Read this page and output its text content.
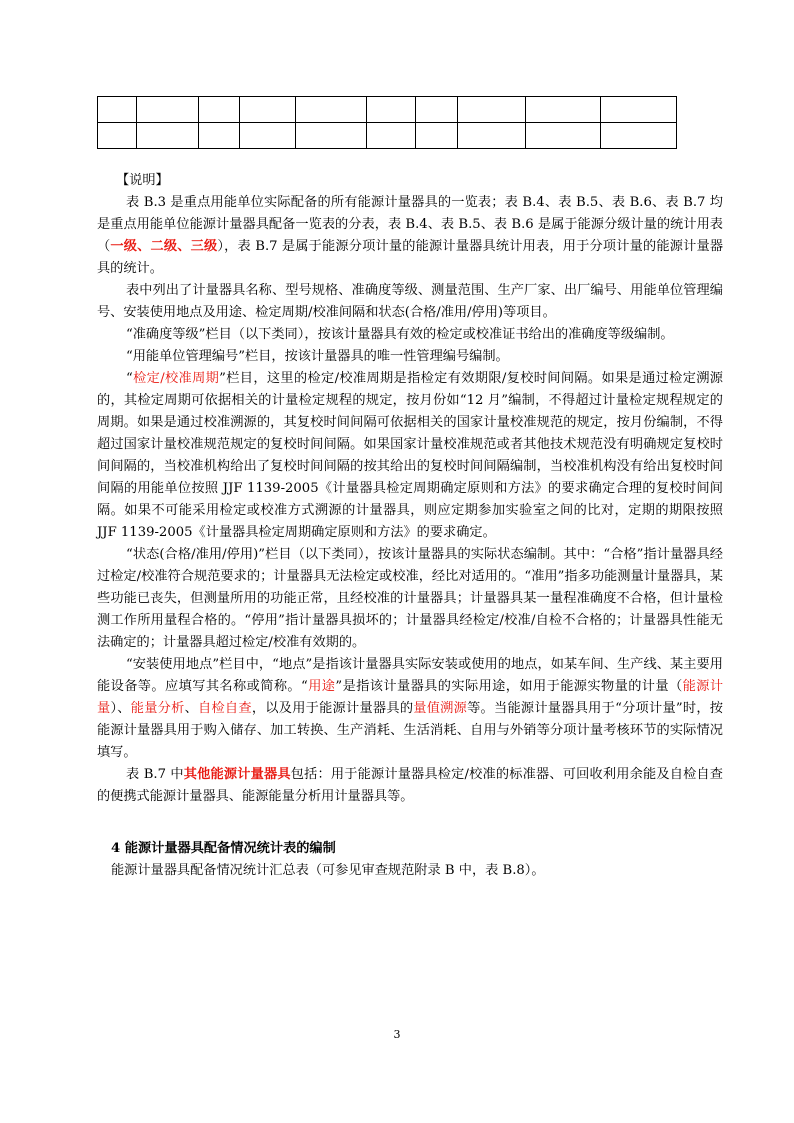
【说明】

表 B.3 是重点用能单位实际配备的所有能源计量器具的一览表；表 B.4、表 B.5、表 B.6、表 B.7 均是重点用能单位能源计量器具配备一览表的分表，表 B.4、表 B.5、表 B.6 是属于能源分级计量的统计用表（一级、二级、三级），表 B.7 是属于能源分项计量的能源计量器具统计用表，用于分项计量的能源计量器具的统计。

表中列出了计量器具名称、型号规格、准确度等级、测量范围、生产厂家、出厂编号、用能单位管理编号、安装使用地点及用途、检定周期/校准间隔和状态(合格/准用/停用)等项目。

“准确度等级”栏目（以下类同），按该计量器具有效的检定或校准证书给出的准确度等级编制。

“用能单位管理编号”栏目，按该计量器具的唯一性管理编号编制。

“检定/校准周期”栏目，这里的检定/校准周期是指检定有效期限/复校时间间隔。如果是通过检定溯源的，其检定周期可依据相关的计量检定规程的规定，按月份如“12 月”编制，不得超过计量检定规程规定的周期。如果是通过校准溯源的，其复校时间间隔可依据相关的国家计量校准规范的规定，按月份编制，不得超过国家计量校准规范规定的复校时间间隔。如果国家计量校准规范或者其他技术规范没有明确规定复校时间间隔的，当校准机构给出了复校时间间隔的按其给出的复校时间间隔编制，当校准机构没有给出复校时间间隔的用能单位按照 JJF 1139-2005《计量器具检定周期确定原则和方法》的要求确定合理的复校时间间隔。如果不可能采用检定或校准方式溯源的计量器具，则应定期参加实验室之间的比对，定期的期限按照 JJF 1139-2005《计量器具检定周期确定原则和方法》的要求确定。

“状态(合格/准用/停用)”栏目（以下类同），按该计量器具的实际状态编制。其中：“合格”指计量器具经过检定/校准符合规范要求的；计量器具无法检定或校准，经比对适用的。“准用”指多功能测量计量器具，某些功能已丧失，但测量所用的功能正常，且经校准的计量器具；计量器具某一量程准确度不合格，但计量检测工作所用量程合格的。“停用”指计量器具损坏的；计量器具经检定/校准/自检不合格的；计量器具性能无法确定的；计量器具超过检定/校准有效期的。

“安装使用地点”栏目中，“地点”是指该计量器具实际安装或使用的地点，如某车间、生产线、某主要用能设备等。应填写其名称或简称。“用途”是指该计量器具的实际用途，如用于能源实物量的计量（能源计量）、能量分析、自检自查，以及用于能源计量器具的量值溯源等。当能源计量器具用于“分项计量”时，按能源计量器具用于购入储存、加工转换、生产消耗、生活消耗、自用与外销等分项计量考核环节的实际情况填写。

表 B.7 中其他能源计量器具包括：用于能源计量器具检定/校准的标准器、可回收利用余能及自检自查的便携式能源计量器具、能源能量分析用计量器具等。

4 能源计量器具配备情况统计表的编制
能源计量器具配备情况统计汇总表（可参见审查规范附录 B 中，表 B.8）。
3
